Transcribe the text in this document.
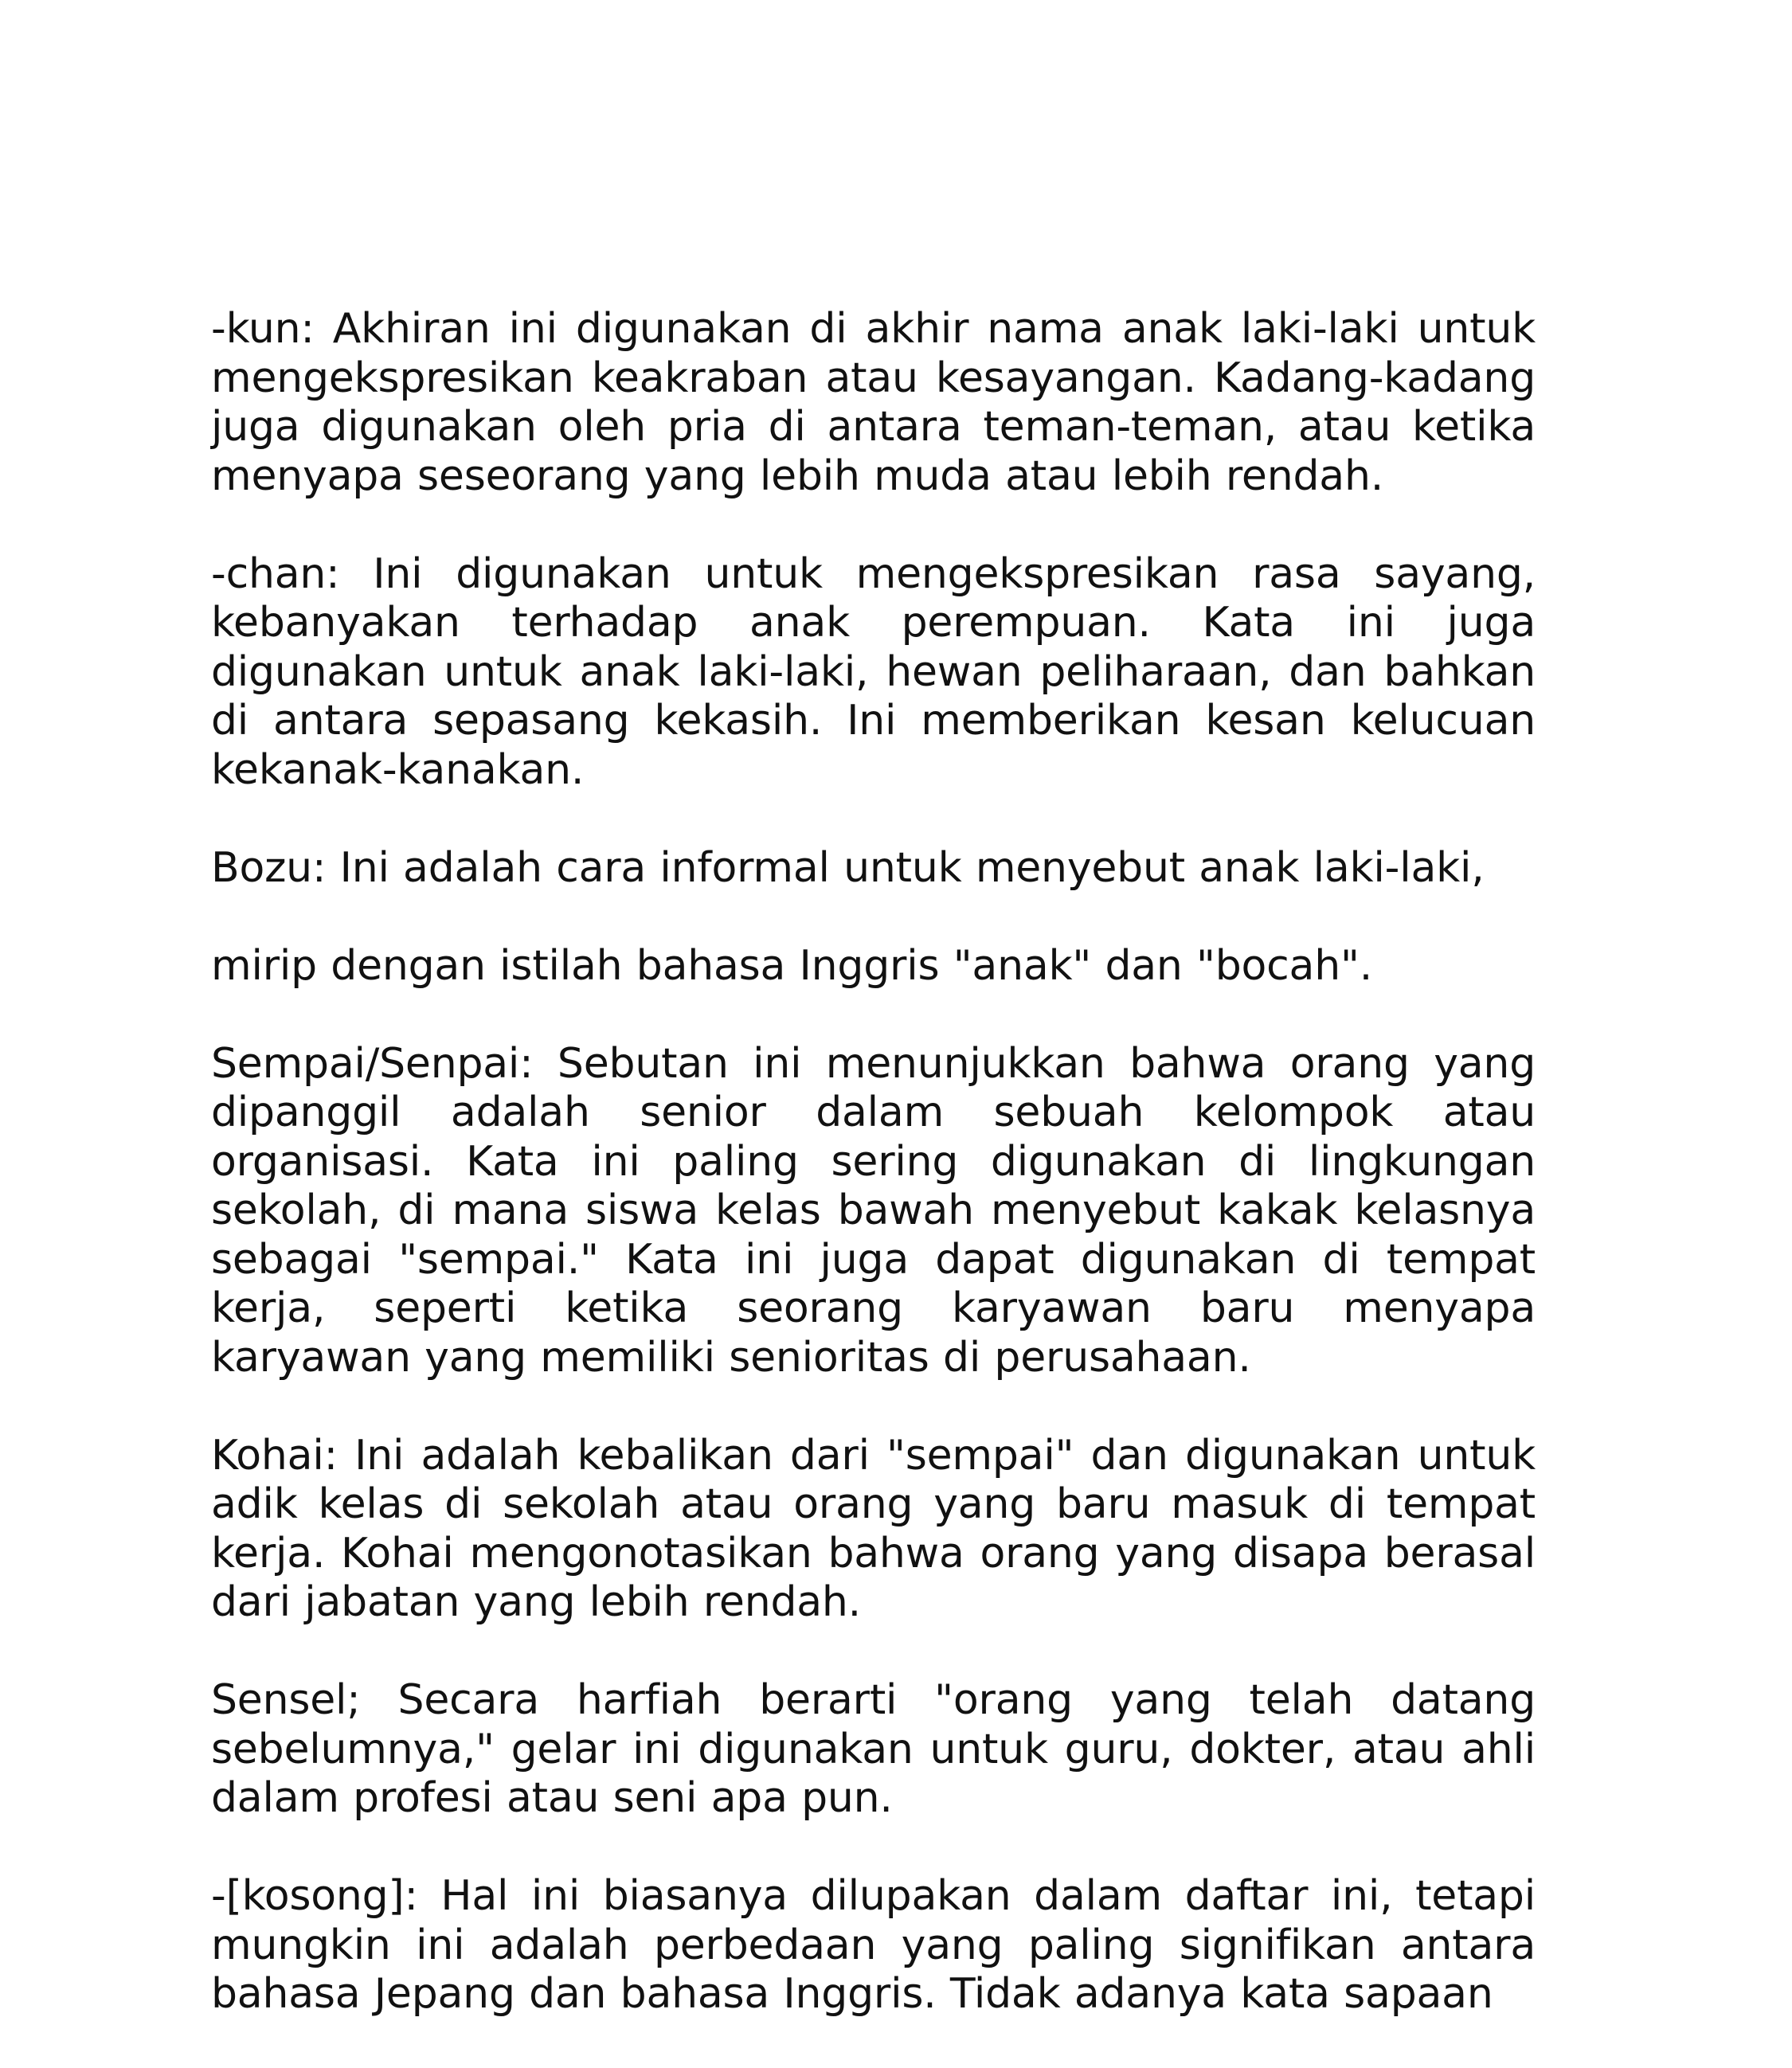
-kun: Akhiran ini digunakan di akhir nama anak laki-laki untuk mengekspresikan keakraban atau kesayangan. Kadang-kadang juga digunakan oleh pria di antara teman-teman, atau ketika menyapa seseorang yang lebih muda atau lebih rendah.

-chan: Ini digunakan untuk mengekspresikan rasa sayang, kebanyakan terhadap anak perempuan. Kata ini juga digunakan untuk anak laki-laki, hewan peliharaan, dan bahkan di antara sepasang kekasih. Ini memberikan kesan kelucuan kekanak-kanakan.

Bozu: Ini adalah cara informal untuk menyebut anak laki-laki,

mirip dengan istilah bahasa Inggris "anak" dan "bocah".

Sempai/Senpai: Sebutan ini menunjukkan bahwa orang yang dipanggil adalah senior dalam sebuah kelompok atau organisasi. Kata ini paling sering digunakan di lingkungan sekolah, di mana siswa kelas bawah menyebut kakak kelasnya sebagai "sempai." Kata ini juga dapat digunakan di tempat kerja, seperti ketika seorang karyawan baru menyapa karyawan yang memiliki senioritas di perusahaan.

Kohai: Ini adalah kebalikan dari "sempai" dan digunakan untuk adik kelas di sekolah atau orang yang baru masuk di tempat kerja. Kohai mengonotasikan bahwa orang yang disapa berasal dari jabatan yang lebih rendah.

Sensel; Secara harfiah berarti "orang yang telah datang sebelumnya," gelar ini digunakan untuk guru, dokter, atau ahli dalam profesi atau seni apa pun.

-[kosong]: Hal ini biasanya dilupakan dalam daftar ini, tetapi mungkin ini adalah perbedaan yang paling signifikan antara bahasa Jepang dan bahasa Inggris. Tidak adanya kata sapaan
